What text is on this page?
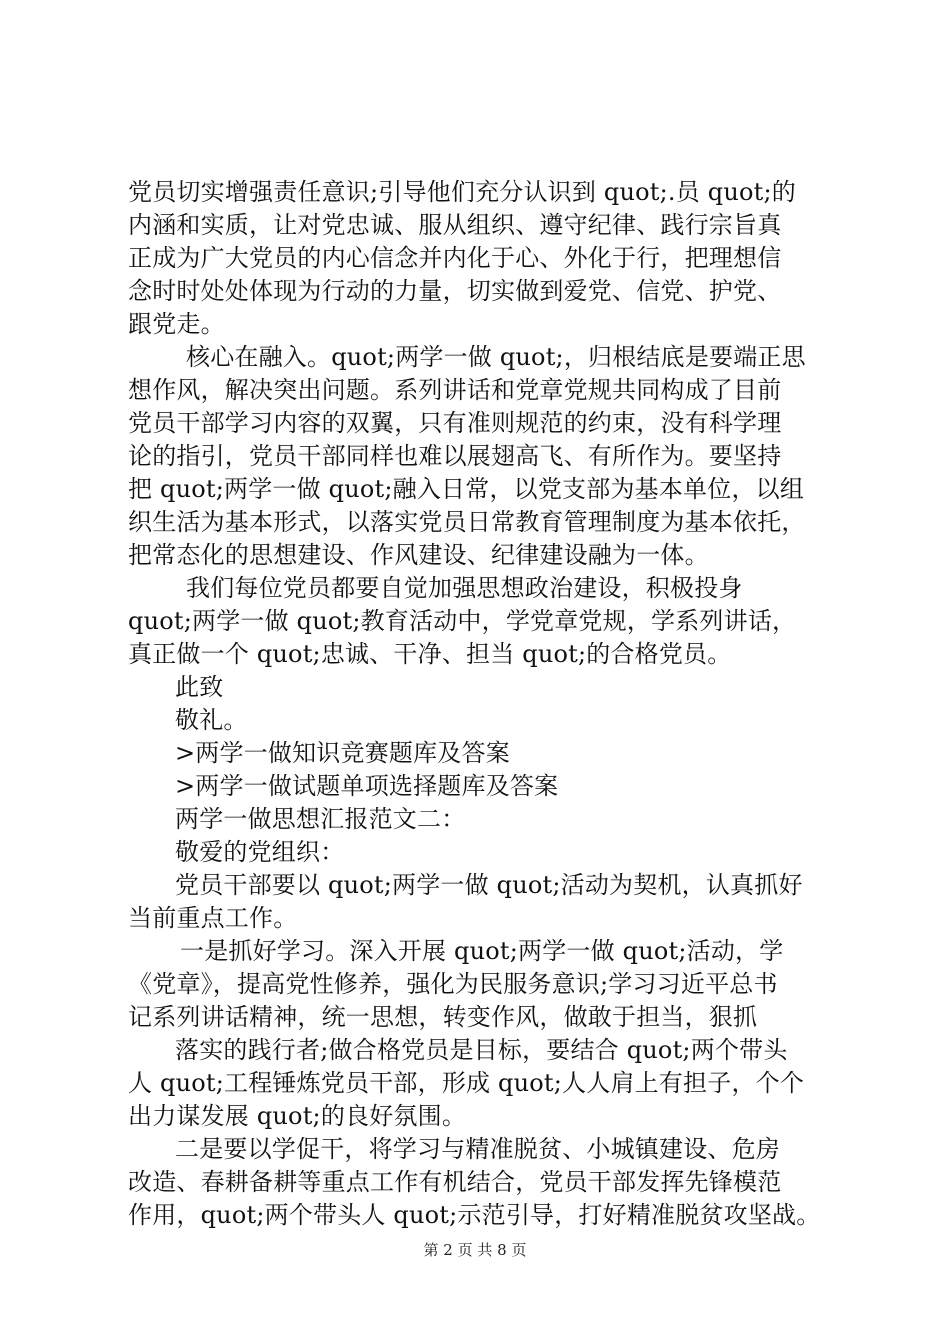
党员切实增强责任意识;引导他们充分认识到 quot;.员 quot;的
内涵和实质，让对党忠诚、服从组织、遵守纪律、践行宗旨真
正成为广大党员的内心信念并内化于心、外化于行，把理想信
念时时处处体现为行动的力量，切实做到爱党、信党、护党、
跟党走。
核心在融入。quot;两学一做 quot;，归根结底是要端正思
想作风，解决突出问题。系列讲话和党章党规共同构成了目前
党员干部学习内容的双翼，只有准则规范的约束，没有科学理
论的指引，党员干部同样也难以展翅高飞、有所作为。要坚持
把 quot;两学一做 quot;融入日常，以党支部为基本单位，以组
织生活为基本形式，以落实党员日常教育管理制度为基本依托，
把常态化的思想建设、作风建设、纪律建设融为一体。
我们每位党员都要自觉加强思想政治建设，积极投身
quot;两学一做 quot;教育活动中，学党章党规，学系列讲话，
真正做一个 quot;忠诚、干净、担当 quot;的合格党员。
此致
敬礼。
>两学一做知识竞赛题库及答案
>两学一做试题单项选择题库及答案
两学一做思想汇报范文二：
敬爱的党组织：
党员干部要以 quot;两学一做 quot;活动为契机，认真抓好
当前重点工作。
一是抓好学习。深入开展 quot;两学一做 quot;活动，学
《党章》，提高党性修养，强化为民服务意识;学习习近平总书
记系列讲话精神，统一思想，转变作风，做敢于担当，狠抓
落实的践行者;做合格党员是目标，要结合 quot;两个带头
人 quot;工程锤炼党员干部，形成 quot;人人肩上有担子，个个
出力谋发展 quot;的良好氛围。
二是要以学促干，将学习与精准脱贫、小城镇建设、危房
改造、春耕备耕等重点工作有机结合，党员干部发挥先锋模范
作用，quot;两个带头人 quot;示范引导，打好精准脱贫攻坚战。
第 2 页 共 8 页
